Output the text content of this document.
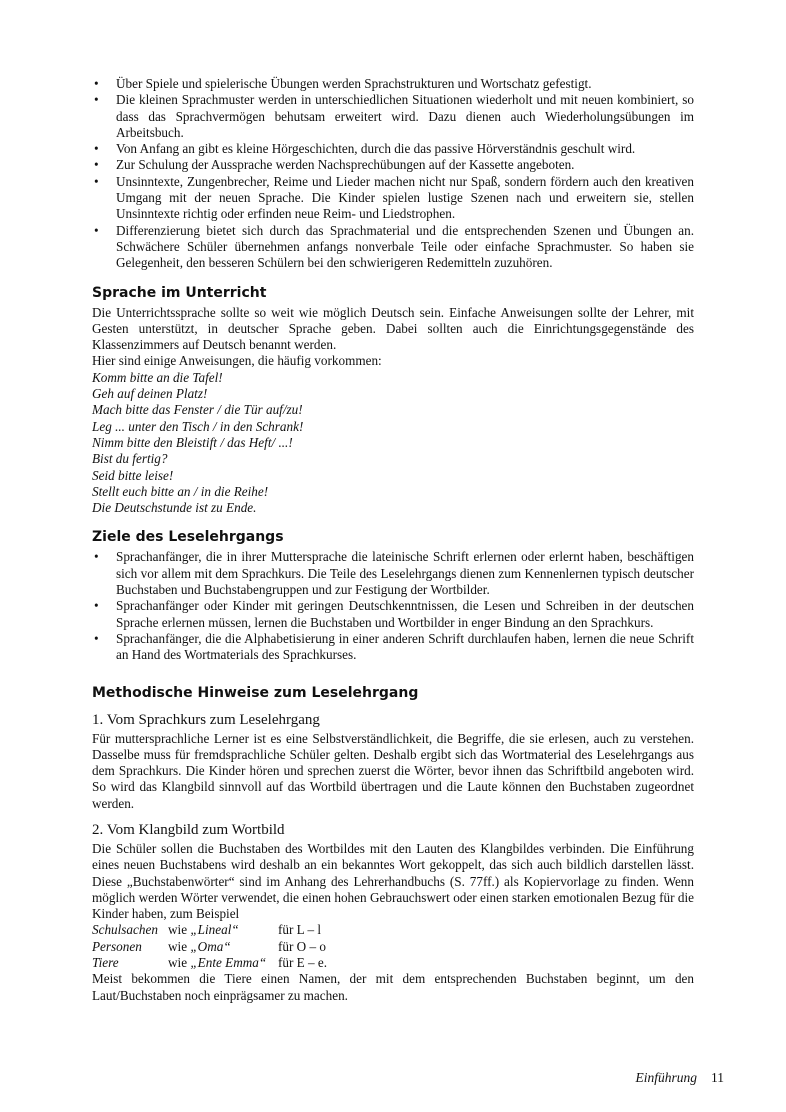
• Über Spiele und spielerische Übungen werden Sprachstrukturen und Wortschatz gefestigt.
• Die kleinen Sprachmuster werden in unterschiedlichen Situationen wiederholt und mit neuen kombiniert, so dass das Sprachvermögen behutsam erweitert wird. Dazu dienen auch Wiederholungsübungen im Arbeitsbuch.
• Von Anfang an gibt es kleine Hörgeschichten, durch die das passive Hörverständnis geschult wird.
• Zur Schulung der Aussprache werden Nachsprechübungen auf der Kassette angeboten.
• Unsinntexte, Zungenbrecher, Reime und Lieder machen nicht nur Spaß, sondern fördern auch den kreativen Umgang mit der neuen Sprache. Die Kinder spielen lustige Szenen nach und erweitern sie, stellen Unsinntexte richtig oder erfinden neue Reim- und Liedstrophen.
• Differenzierung bietet sich durch das Sprachmaterial und die entsprechenden Szenen und Übungen an. Schwächere Schüler übernehmen anfangs nonverbale Teile oder einfache Sprachmuster. So haben sie Gelegenheit, den besseren Schülern bei den schwierigeren Redemitteln zuzuhören.
Sprache im Unterricht

Die Unterrichtssprache sollte so weit wie möglich Deutsch sein. Einfache Anweisungen sollte der Lehrer, mit Gesten unterstützt, in deutscher Sprache geben. Dabei sollten auch die Einrichtungsgegenstände des Klassenzimmers auf Deutsch benannt werden.

Hier sind einige Anweisungen, die häufig vorkommen:

Komm bitte an die Tafel!
Geh auf deinen Platz!
Mach bitte das Fenster / die Tür auf/zu!
Leg ... unter den Tisch / in den Schrank!
Nimm bitte den Bleistift / das Heft/ ...!
Bist du fertig?
Seid bitte leise!
Stellt euch bitte an / in die Reihe!
Die Deutschstunde ist zu Ende.
Ziele des Leselehrgangs
• Sprachanfänger, die in ihrer Muttersprache die lateinische Schrift erlernen oder erlernt haben, beschäftigen sich vor allem mit dem Sprachkurs. Die Teile des Leselehrgangs dienen zum Kennenlernen typisch deutscher Buchstaben und Buchstabengruppen und zur Festigung der Wortbilder.
• Sprachanfänger oder Kinder mit geringen Deutschkenntnissen, die Lesen und Schreiben in der deutschen Sprache erlernen müssen, lernen die Buchstaben und Wortbilder in enger Bindung an den Sprachkurs.
• Sprachanfänger, die die Alphabetisierung in einer anderen Schrift durchlaufen haben, lernen die neue Schrift an Hand des Wortmaterials des Sprachkurses.
Methodische Hinweise zum Leselehrgang
1. Vom Sprachkurs zum Leselehrgang

Für muttersprachliche Lerner ist es eine Selbstverständlichkeit, die Begriffe, die sie erlesen, auch zu verstehen. Dasselbe muss für fremdsprachliche Schüler gelten. Deshalb ergibt sich das Wortmaterial des Leselehrgangs aus dem Sprachkurs. Die Kinder hören und sprechen zuerst die Wörter, bevor ihnen das Schriftbild angeboten wird. So wird das Klangbild sinnvoll auf das Wortbild übertragen und die Laute können den Buchstaben zugeordnet werden.

2. Vom Klangbild zum Wortbild

Die Schüler sollen die Buchstaben des Wortbildes mit den Lauten des Klangbildes verbinden. Die Einführung eines neuen Buchstabens wird deshalb an ein bekanntes Wort gekoppelt, das sich auch bildlich darstellen lässt. Diese „Buchstabenwörter“ sind im Anhang des Lehrerhandbuchs (S. 77ff.) als Kopiervorlage zu finden. Wenn möglich werden Wörter verwendet, die einen hohen Gebrauchswert oder einen starken emotionalen Bezug für die Kinder haben, zum Beispiel

Schulsachen wie „Lineal“	für L – l
Personen	wie „Oma“	für O – o
Tiere	wie „Ente Emma“ für E – e.

Meist bekommen die Tiere einen Namen, der mit dem entsprechenden Buchstaben beginnt, um den Laut/Buchstaben noch einprägsamer zu machen.

Einführung 11
